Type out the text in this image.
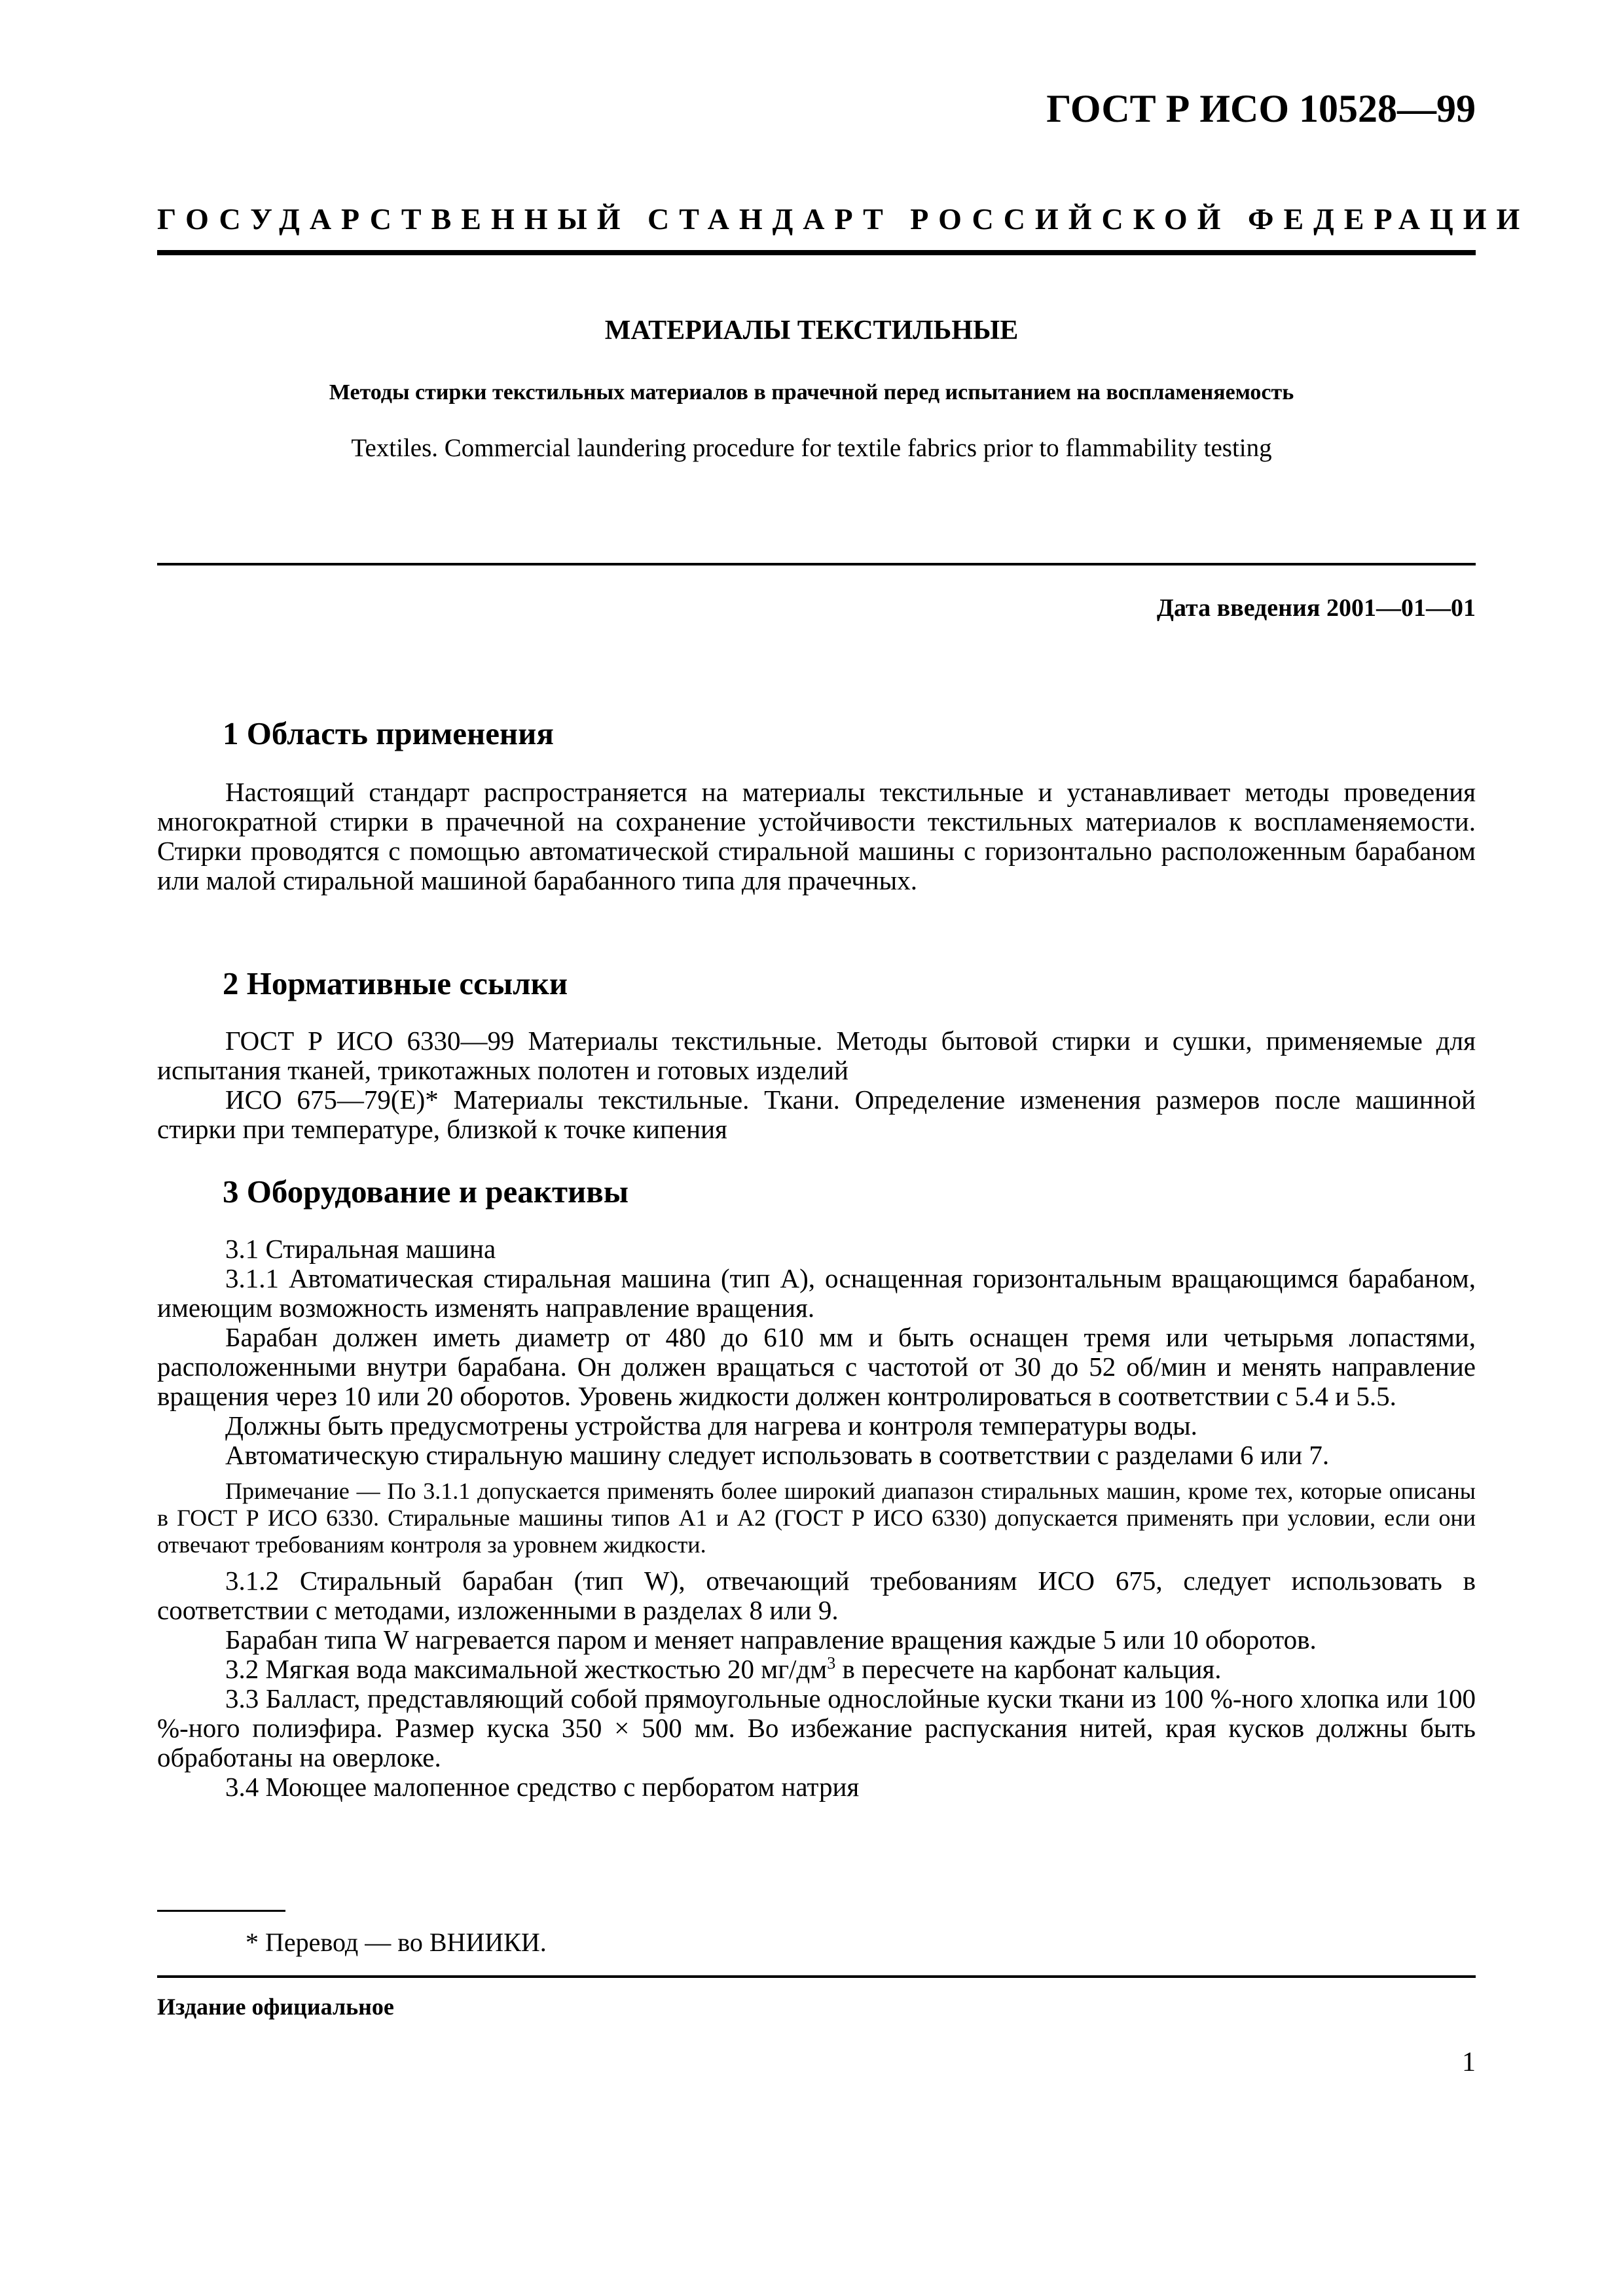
ГОСТ Р ИСО 10528—99
ГОСУДАРСТВЕННЫЙ СТАНДАРТ РОССИЙСКОЙ ФЕДЕРАЦИИ
МАТЕРИАЛЫ ТЕКСТИЛЬНЫЕ
Методы стирки текстильных материалов в прачечной перед испытанием на воспламеняемость
Textiles. Commercial laundering procedure for textile fabrics prior to flammability testing
Дата введения 2001—01—01
1 Область применения

Настоящий стандарт распространяется на материалы текстильные и устанавливает методы проведения многократной стирки в прачечной на сохранение устойчивости текстильных материалов к воспламеняемости. Стирки проводятся с помощью автоматической стиральной машины с горизонтально расположенным барабаном или малой стиральной машиной барабанного типа для прачечных.

2 Нормативные ссылки

ГОСТ Р ИСО 6330—99 Материалы текстильные. Методы бытовой стирки и сушки, применяемые для испытания тканей, трикотажных полотен и готовых изделий

ИСО 675—79(Е)* Материалы текстильные. Ткани. Определение изменения размеров после машинной стирки при температуре, близкой к точке кипения

3 Оборудование и реактивы

3.1 Стиральная машина

3.1.1 Автоматическая стиральная машина (тип А), оснащенная горизонтальным вращающимся барабаном, имеющим возможность изменять направление вращения.

Барабан должен иметь диаметр от 480 до 610 мм и быть оснащен тремя или четырьмя лопастями, расположенными внутри барабана. Он должен вращаться с частотой от 30 до 52 об/мин и менять направление вращения через 10 или 20 оборотов. Уровень жидкости должен контролироваться в соответствии с 5.4 и 5.5.

Должны быть предусмотрены устройства для нагрева и контроля температуры воды.

Автоматическую стиральную машину следует использовать в соответствии с разделами 6 или 7.

Примечание — По 3.1.1 допускается применять более широкий диапазон стиральных машин, кроме тех, которые описаны в ГОСТ Р ИСО 6330. Стиральные машины типов А1 и А2 (ГОСТ Р ИСО 6330) допускается применять при условии, если они отвечают требованиям контроля за уровнем жидкости.

3.1.2 Стиральный барабан (тип W), отвечающий требованиям ИСО 675, следует использовать в соответствии с методами, изложенными в разделах 8 или 9.

Барабан типа W нагревается паром и меняет направление вращения каждые 5 или 10 оборотов.

3.2 Мягкая вода максимальной жесткостью 20 $мг/дм^3$ в пересчете на карбонат кальция.

3.3 Балласт, представляющий собой прямоугольные однослойные куски ткани из 100 %-ного хлопка или 100 %-ного полиэфира. Размер куска 350 × 500 мм. Во избежание распускания нитей, края кусков должны быть обработаны на оверлоке.

3.4 Моющее малопенное средство с перборатом натрия

* Перевод — во ВНИИКИ.
Издание официальное
1
